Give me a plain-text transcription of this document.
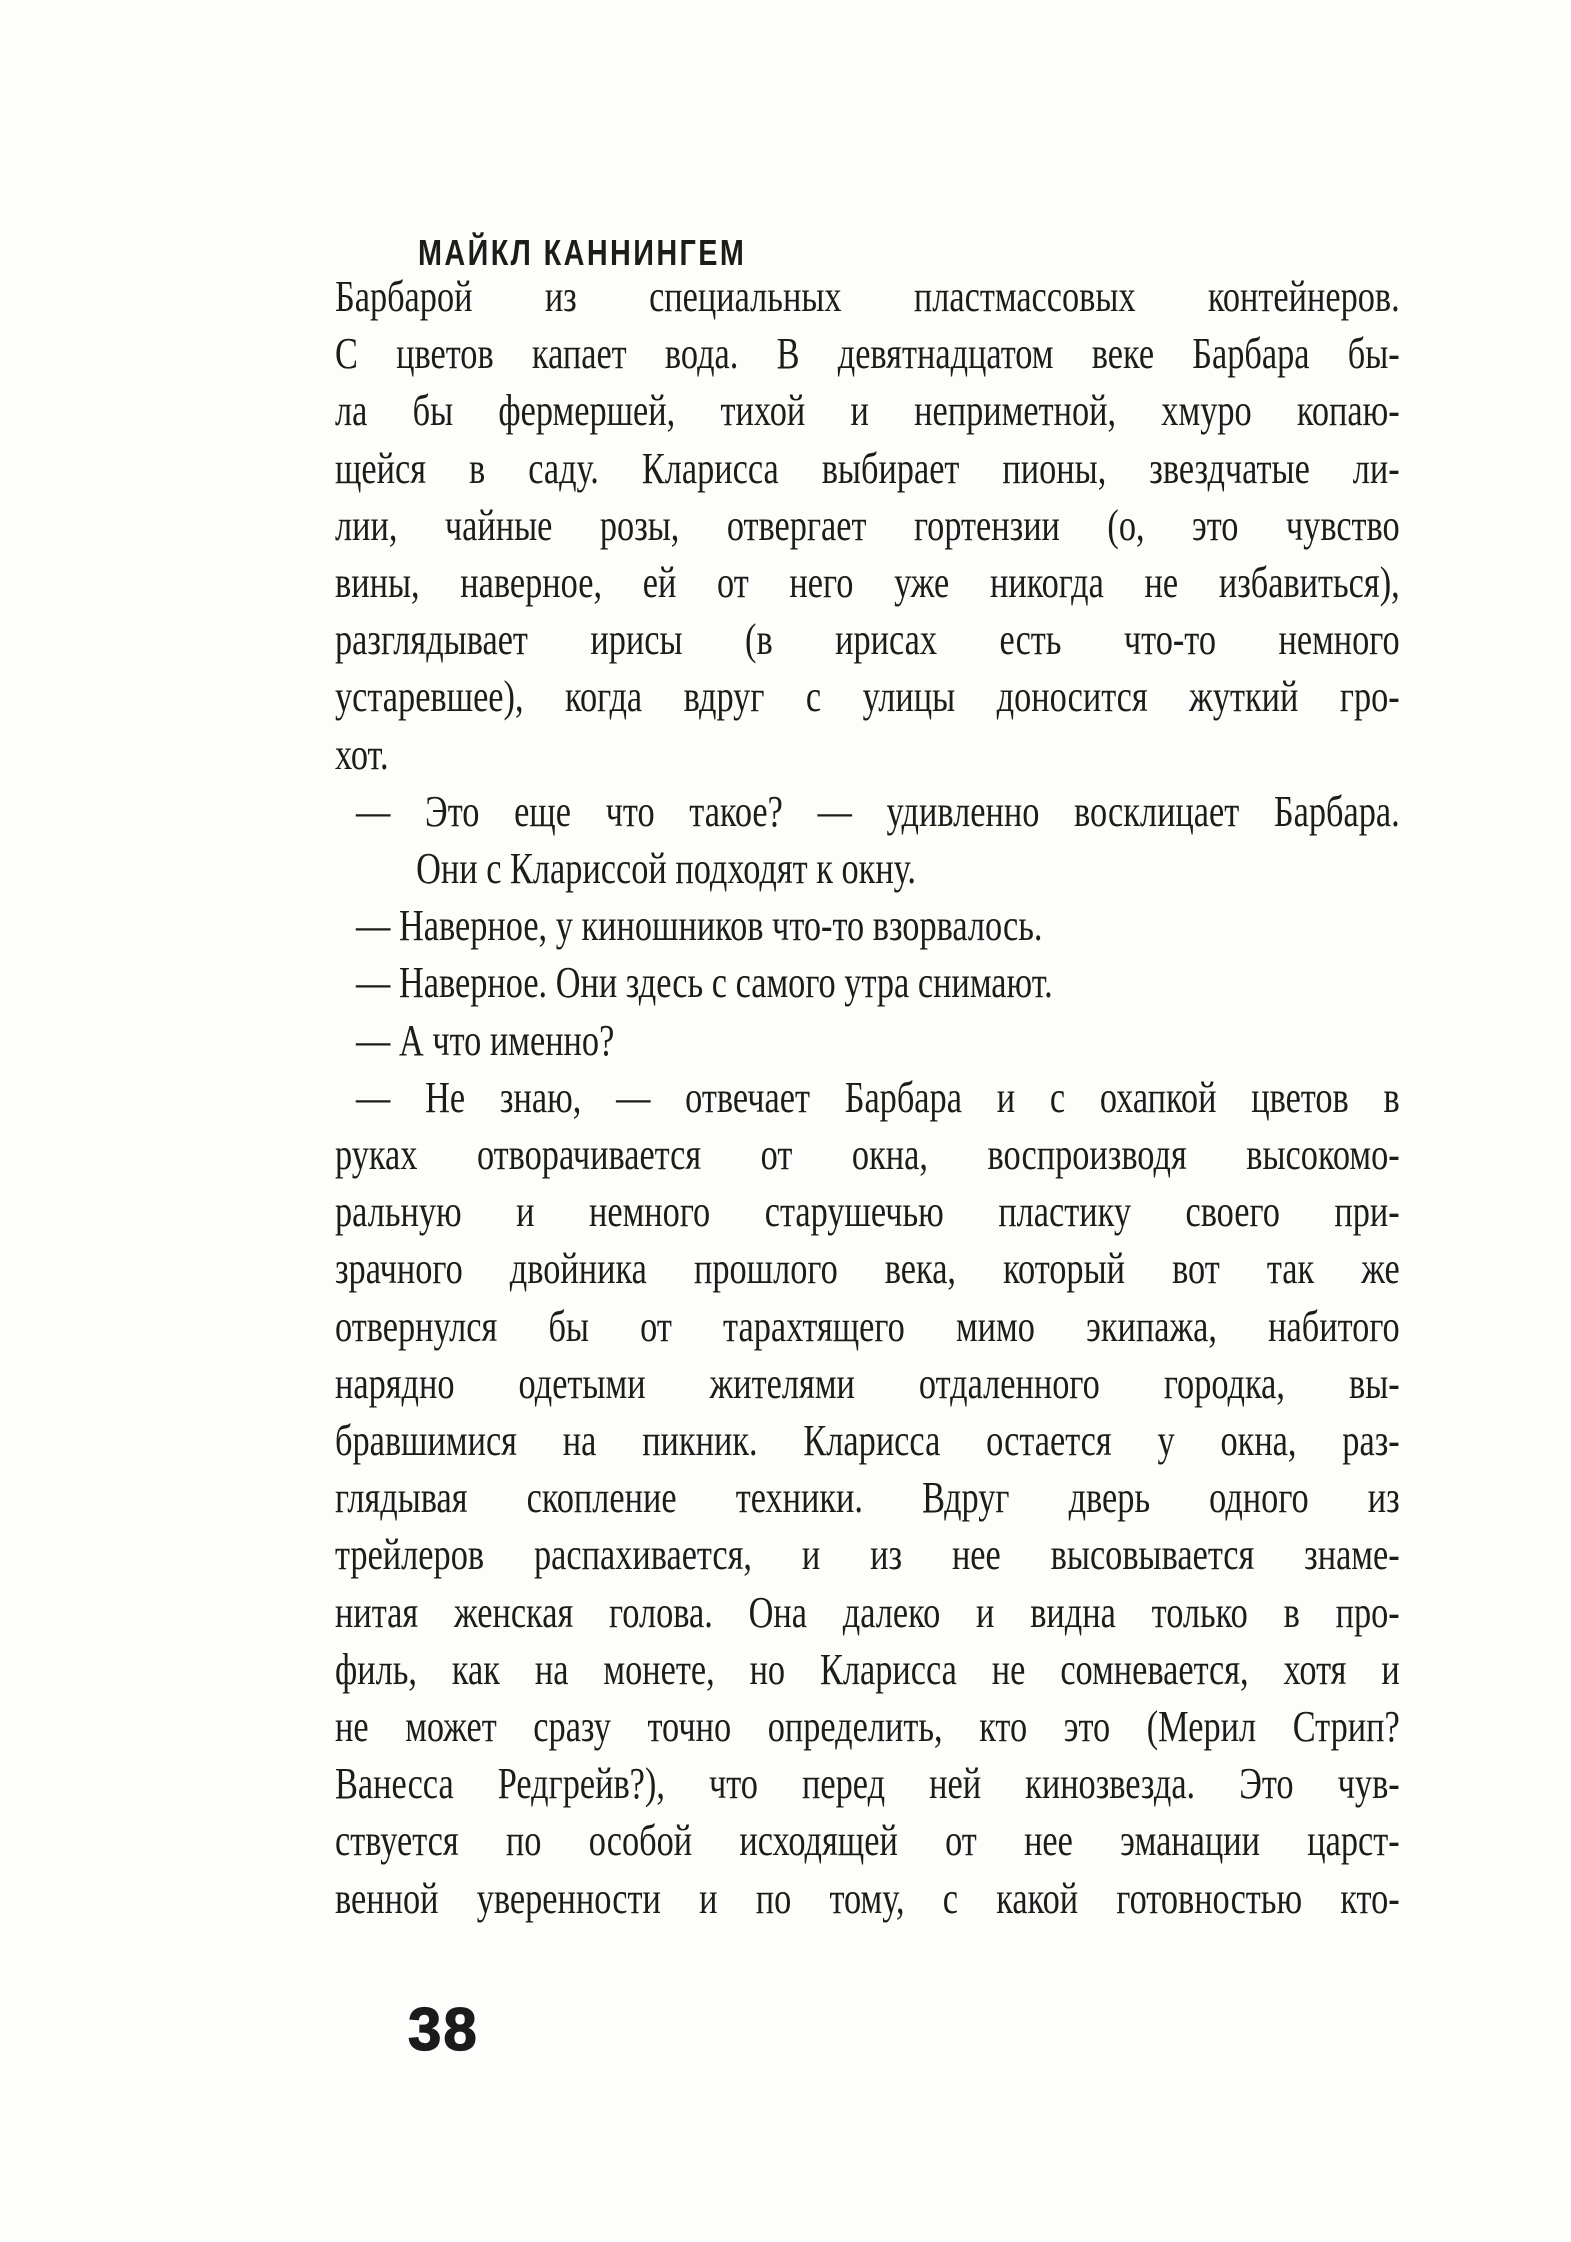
МАЙКЛ КАННИНГЕМ
Барбарой из специальных пластмассовых контейнеров.
С цветов капает вода. В девятнадцатом веке Барбара бы-
ла бы фермершей, тихой и неприметной, хмуро копаю-
щейся в саду. Кларисса выбирает пионы, звездчатые ли-
лии, чайные розы, отвергает гортензии (о, это чувство
вины, наверное, ей от него уже никогда не избавиться),
разглядывает ирисы (в ирисах есть что-то немного
устаревшее), когда вдруг с улицы доносится жуткий гро-
хот.
— Это еще что такое? — удивленно восклицает Барбара.
Они с Клариссой подходят к окну.
— Наверное, у киношников что-то взорвалось.
— Наверное. Они здесь с самого утра снимают.
— А что именно?
— Не знаю, — отвечает Барбара и с охапкой цветов в
руках отворачивается от окна, воспроизводя высокомо-
ральную и немного старушечью пластику своего при-
зрачного двойника прошлого века, который вот так же
отвернулся бы от тарахтящего мимо экипажа, набитого
нарядно одетыми жителями отдаленного городка, вы-
бравшимися на пикник. Кларисса остается у окна, раз-
глядывая скопление техники. Вдруг дверь одного из
трейлеров распахивается, и из нее высовывается знаме-
нитая женская голова. Она далеко и видна только в про-
филь, как на монете, но Кларисса не сомневается, хотя и
не может сразу точно определить, кто это (Мерил Стрип?
Ванесса Редгрейв?), что перед ней кинозвезда. Это чув-
ствуется по особой исходящей от нее эманации царст-
венной уверенности и по тому, с какой готовностью кто-
38
